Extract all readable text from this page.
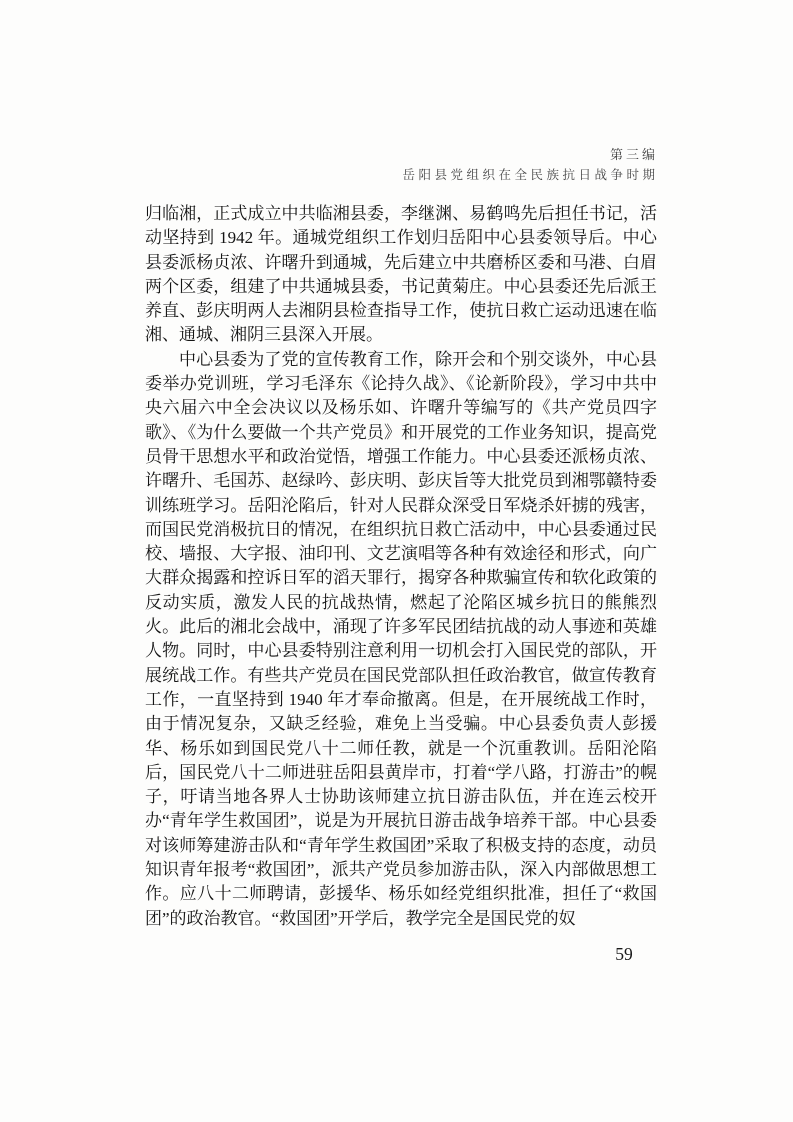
第三编
岳阳县党组织在全民族抗日战争时期

归临湘，正式成立中共临湘县委，李继渊、易鹤鸣先后担任书记，活动坚持到 1942 年。通城党组织工作划归岳阳中心县委领导后。中心县委派杨贞浓、许曙升到通城，先后建立中共磨桥区委和马港、白眉两个区委，组建了中共通城县委，书记黄菊庄。中心县委还先后派王养直、彭庆明两人去湘阴县检查指导工作，使抗日救亡运动迅速在临湘、通城、湘阴三县深入开展。

中心县委为了党的宣传教育工作，除开会和个别交谈外，中心县委举办党训班，学习毛泽东《论持久战》、《论新阶段》，学习中共中央六届六中全会决议以及杨乐如、许曙升等编写的《共产党员四字歌》、《为什么要做一个共产党员》和开展党的工作业务知识，提高党员骨干思想水平和政治觉悟，增强工作能力。中心县委还派杨贞浓、许曙升、毛国苏、赵绿吟、彭庆明、彭庆旨等大批党员到湘鄂赣特委训练班学习。岳阳沦陷后，针对人民群众深受日军烧杀奸掳的残害，而国民党消极抗日的情况，在组织抗日救亡活动中，中心县委通过民校、墙报、大字报、油印刊、文艺演唱等各种有效途径和形式，向广大群众揭露和控诉日军的滔天罪行，揭穿各种欺骗宣传和软化政策的反动实质，激发人民的抗战热情，燃起了沦陷区城乡抗日的熊熊烈火。此后的湘北会战中，涌现了许多军民团结抗战的动人事迹和英雄人物。同时，中心县委特别注意利用一切机会打入国民党的部队，开展统战工作。有些共产党员在国民党部队担任政治教官，做宣传教育工作，一直坚持到 1940 年才奉命撤离。但是，在开展统战工作时，由于情况复杂，又缺乏经验，难免上当受骗。中心县委负责人彭援华、杨乐如到国民党八十二师任教，就是一个沉重教训。岳阳沦陷后，国民党八十二师进驻岳阳县黄岸市，打着“学八路，打游击”的幌子，吁请当地各界人士协助该师建立抗日游击队伍，并在连云校开办“青年学生救国团”，说是为开展抗日游击战争培养干部。中心县委对该师筹建游击队和“青年学生救国团”采取了积极支持的态度，动员知识青年报考“救国团”，派共产党员参加游击队，深入内部做思想工作。应八十二师聘请，彭援华、杨乐如经党组织批准，担任了“救国团”的政治教官。“救国团”开学后，教学完全是国民党的奴

59
